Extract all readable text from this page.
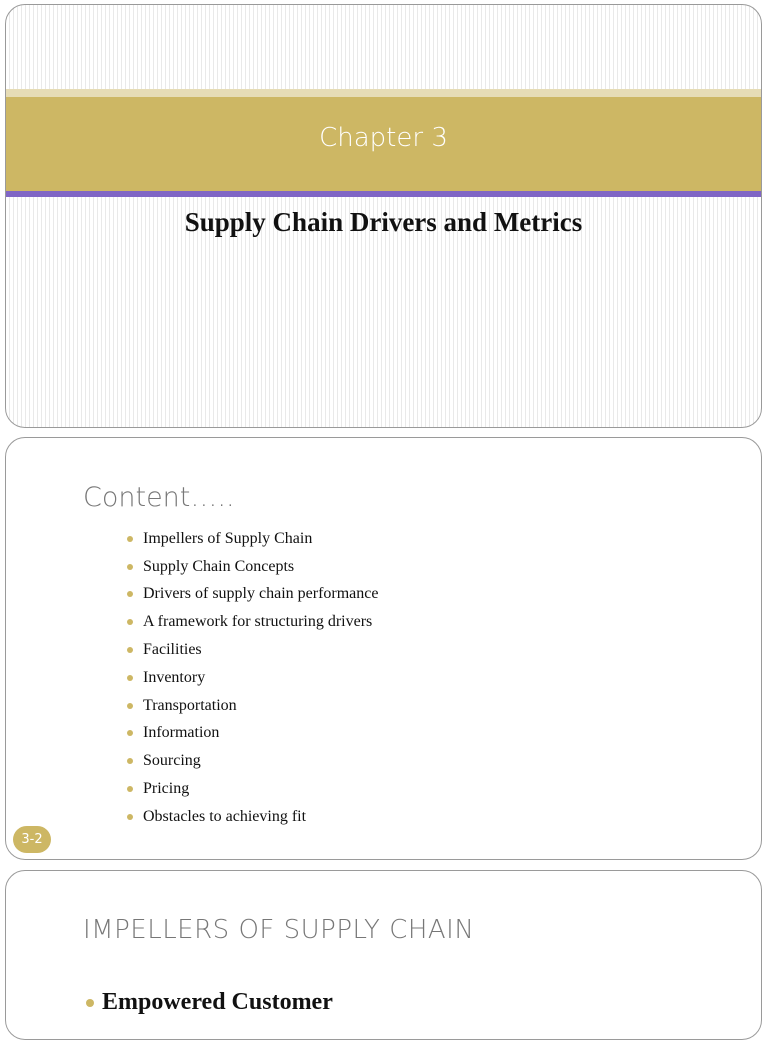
Chapter 3
Supply Chain Drivers and Metrics
Content…..
Impellers of Supply Chain
Supply Chain Concepts
Drivers of supply chain performance
A framework for structuring drivers
Facilities
Inventory
Transportation
Information
Sourcing
Pricing
Obstacles to achieving fit
3-2
IMPELLERS OF SUPPLY CHAIN
Empowered Customer
